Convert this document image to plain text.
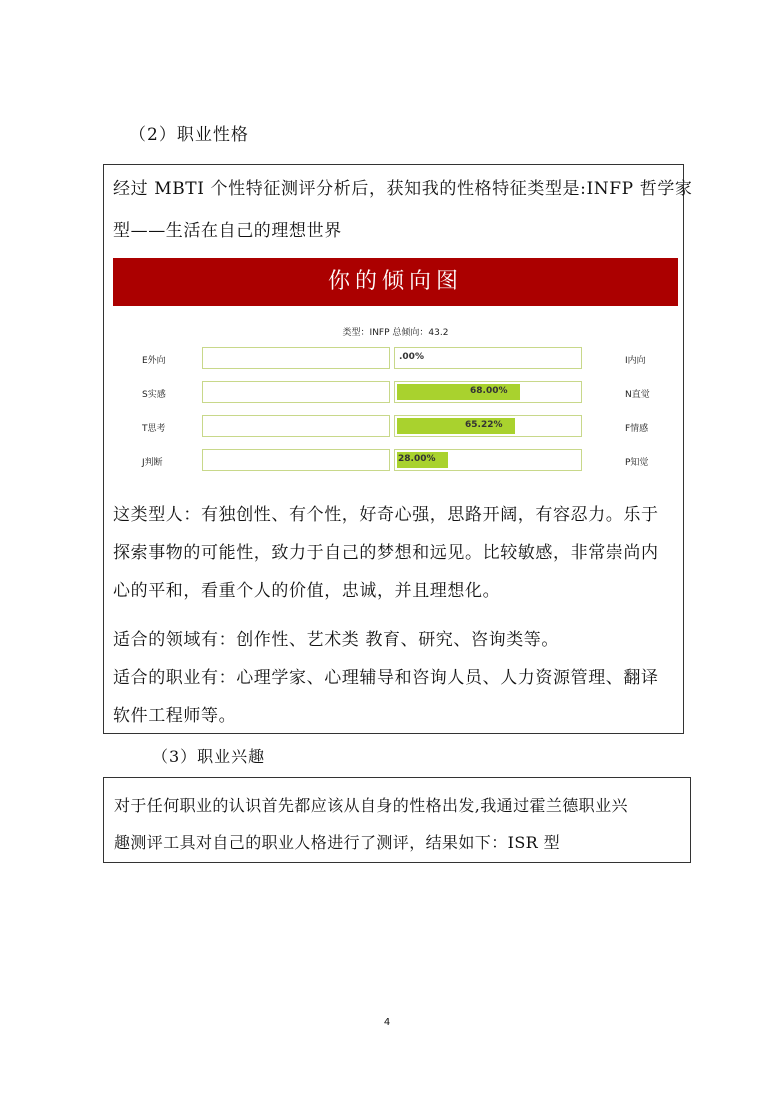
（2）职业性格
经过 MBTI 个性特征测评分析后，获知我的性格特征类型是:INFP 哲学家
型——生活在自己的理想世界
你的倾向图
类型：INFP 总倾向：43.2
E外向	.00%	I内向
S实感	68.00%	N直觉
T思考	65.22%	F情感
J判断	28.00%	P知觉
这类型人：有独创性、有个性，好奇心强，思路开阔，有容忍力。乐于
探索事物的可能性，致力于自己的梦想和远见。比较敏感，非常崇尚内
心的平和，看重个人的价值，忠诚，并且理想化。
适合的领域有：创作性、艺术类 教育、研究、咨询类等。
适合的职业有：心理学家、心理辅导和咨询人员、人力资源管理、翻译
软件工程师等。
（3）职业兴趣
对于任何职业的认识首先都应该从自身的性格出发,我通过霍兰德职业兴
趣测评工具对自己的职业人格进行了测评，结果如下：ISR 型
4
